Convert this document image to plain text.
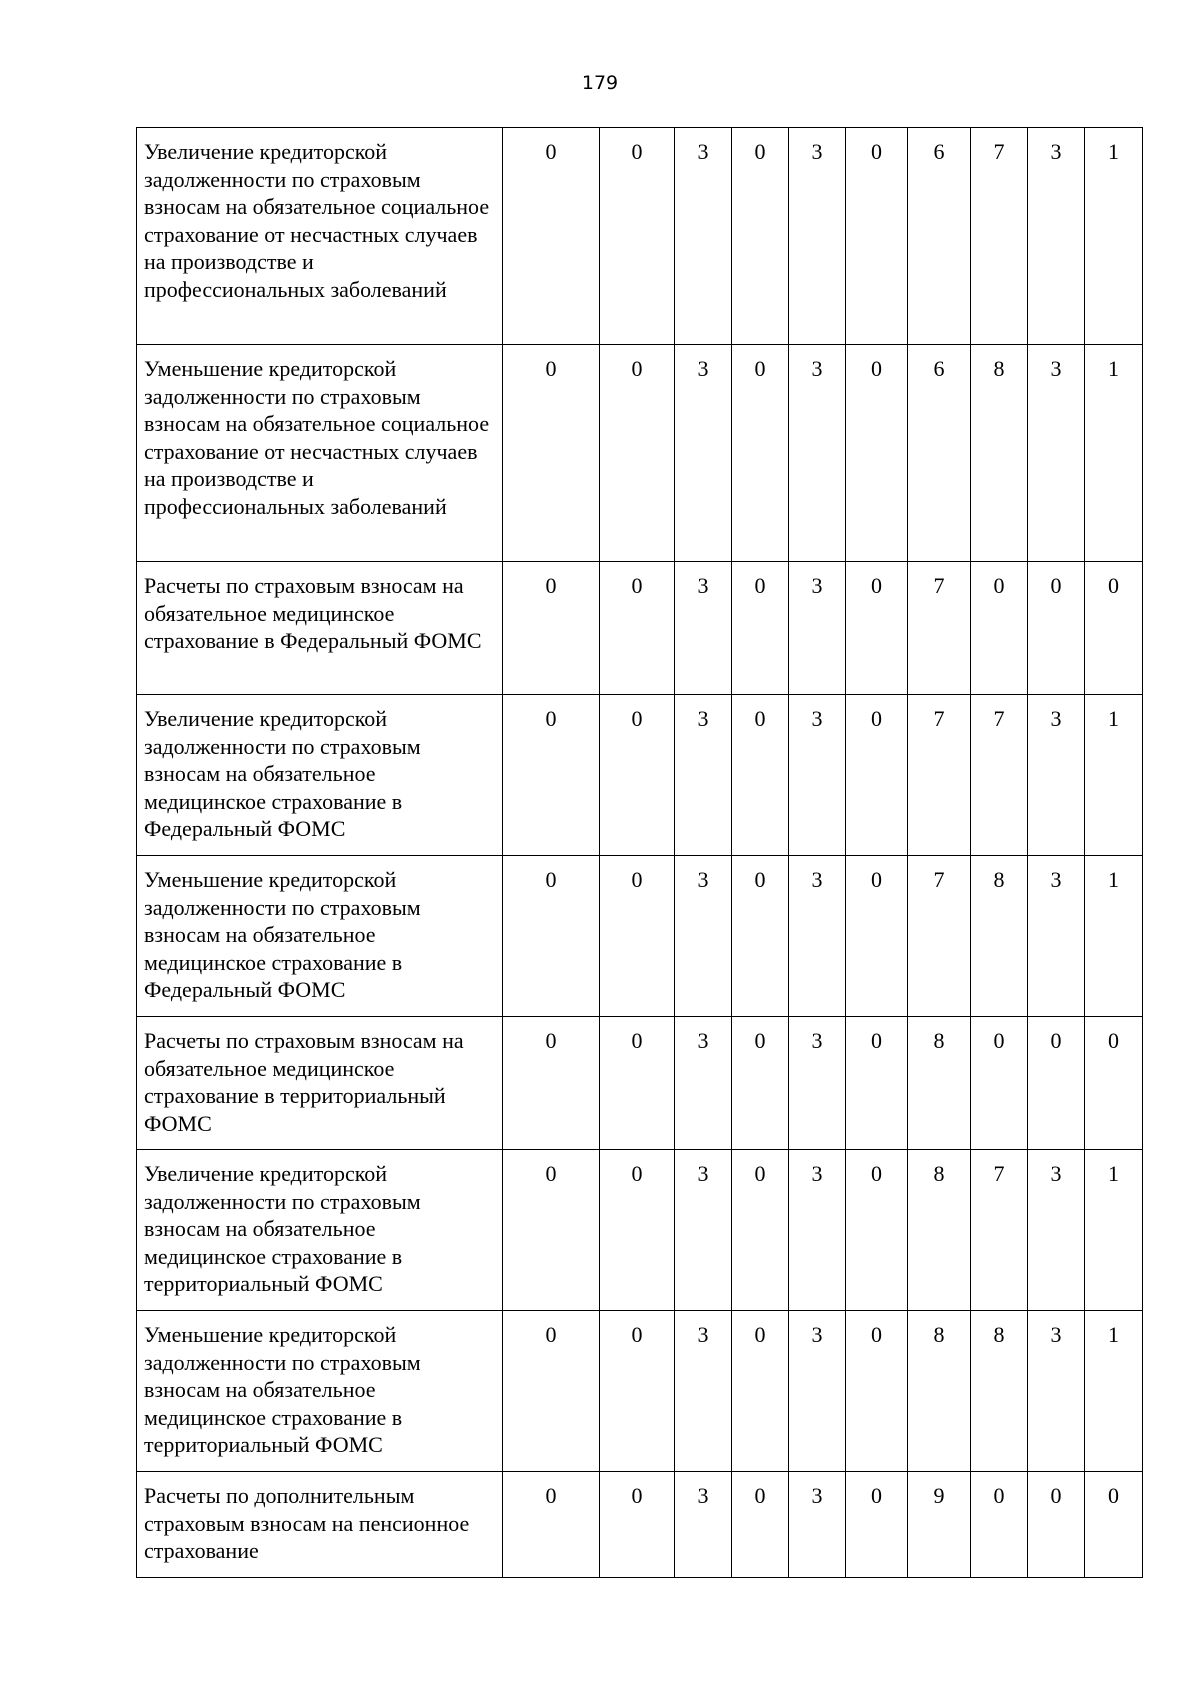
179
Увеличение кредиторской задолженности по страховым взносам на обязательное социальное страхование от несчастных случаев на производстве и профессиональных заболеваний	0	0	3	0	3	0	6	7	3	1
Уменьшение кредиторской задолженности по страховым взносам на обязательное социальное страхование от несчастных случаев на производстве и профессиональных заболеваний	0	0	3	0	3	0	6	8	3	1
Расчеты по страховым взносам на обязательное медицинское страхование в Федеральный ФОМС	0	0	3	0	3	0	7	0	0	0
Увеличение кредиторской задолженности по страховым взносам на обязательное медицинское страхование в Федеральный ФОМС	0	0	3	0	3	0	7	7	3	1
Уменьшение кредиторской задолженности по страховым взносам на обязательное медицинское страхование в Федеральный ФОМС	0	0	3	0	3	0	7	8	3	1
Расчеты по страховым взносам на обязательное медицинское страхование в территориальный ФОМС	0	0	3	0	3	0	8	0	0	0
Увеличение кредиторской задолженности по страховым взносам на обязательное медицинское страхование в территориальный ФОМС	0	0	3	0	3	0	8	7	3	1
Уменьшение кредиторской задолженности по страховым взносам на обязательное медицинское страхование в территориальный ФОМС	0	0	3	0	3	0	8	8	3	1
Расчеты по дополнительным страховым взносам на пенсионное страхование	0	0	3	0	3	0	9	0	0	0
